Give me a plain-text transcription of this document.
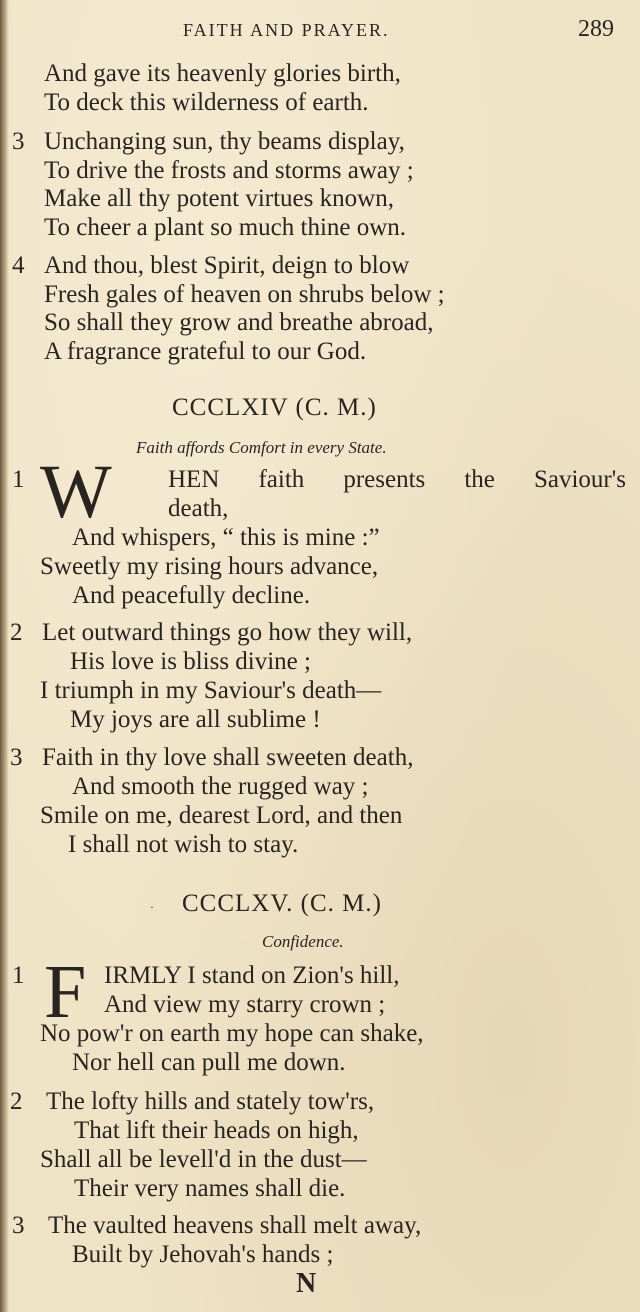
FAITH AND PRAYER.	289
And gave its heavenly glories birth,
To deck this wilderness of earth.
3 Unchanging sun, thy beams display,
To drive the frosts and storms away ;
Make all thy potent virtues known,
To cheer a plant so much thine own.
4 And thou, blest Spirit, deign to blow
Fresh gales of heaven on shrubs below ;
So shall they grow and breathe abroad,
A fragrance grateful to our God.
CCCLXIV (C. M.)
Faith affords Comfort in every State.
1 W HEN faith presents the Saviour's
death,
And whispers, “ this is mine :”
Sweetly my rising hours advance,
And peacefully decline.
2 Let outward things go how they will,
His love is bliss divine ;
I triumph in my Saviour's death—
My joys are all sublime !
3 Faith in thy love shall sweeten death,
And smooth the rugged way ;
Smile on me, dearest Lord, and then
I shall not wish to stay.
· CCCLXV. (C. M.)
Confidence.
1 F IRMLY I stand on Zion's hill,
And view my starry crown ;
No pow'r on earth my hope can shake,
Nor hell can pull me down.
2 The lofty hills and stately tow'rs,
That lift their heads on high,
Shall all be levell'd in the dust—
Their very names shall die.
3 The vaulted heavens shall melt away,
Built by Jehovah's hands ;
N
